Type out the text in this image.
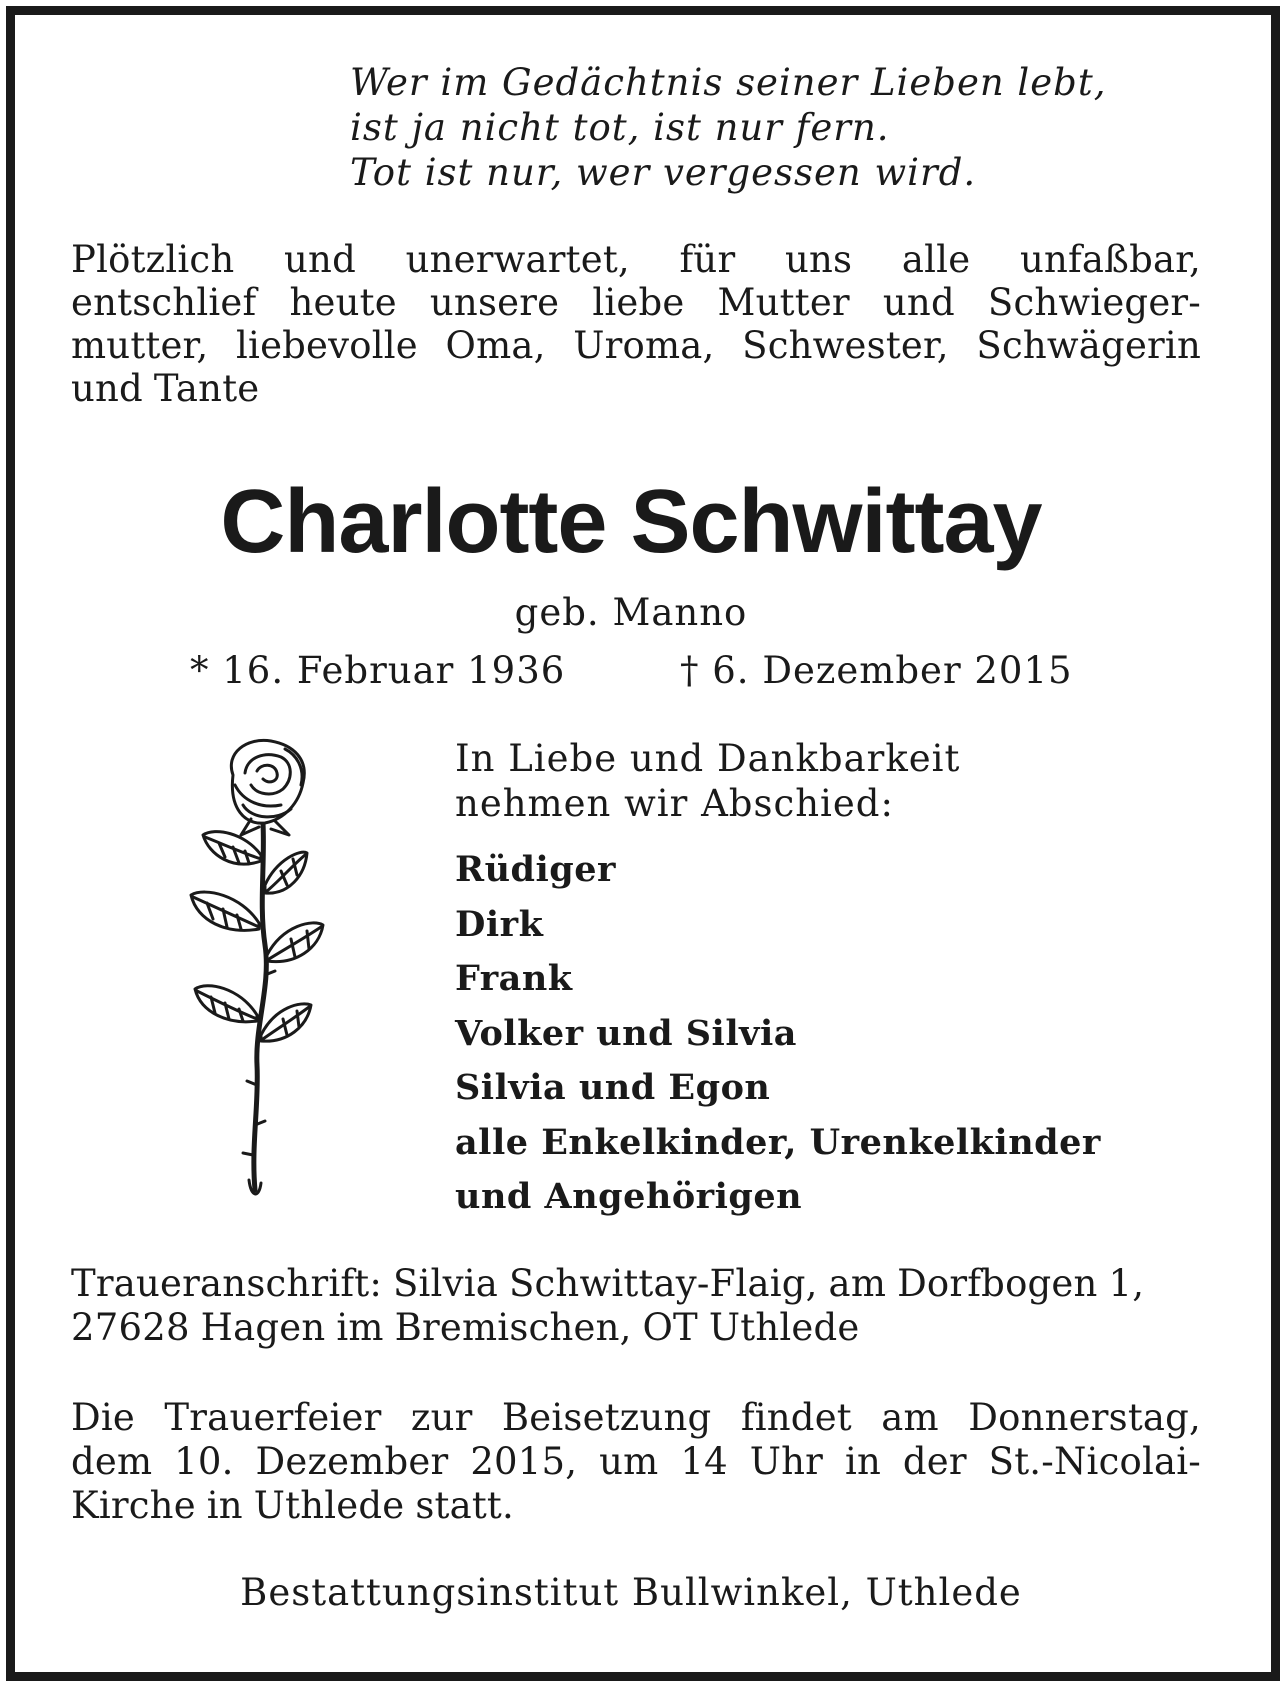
Wer im Gedächtnis seiner Lieben lebt,
ist ja nicht tot, ist nur fern.
Tot ist nur, wer vergessen wird.
Plötzlich und unerwartet, für uns alle unfaßbar,
entschlief heute unsere liebe Mutter und Schwieger-
mutter, liebevolle Oma, Uroma, Schwester, Schwägerin
und Tante
Charlotte Schwittay
geb. Manno
* 16. Februar 1936	† 6. Dezember 2015
In Liebe und Dankbarkeit
nehmen wir Abschied:
Rüdiger
Dirk
Frank
Volker und Silvia
Silvia und Egon
alle Enkelkinder, Urenkelkinder
und Angehörigen
Traueranschrift: Silvia Schwittay-Flaig, am Dorfbogen 1,
27628 Hagen im Bremischen, OT Uthlede
Die Trauerfeier zur Beisetzung findet am Donnerstag,
dem 10. Dezember 2015, um 14 Uhr in der St.-Nicolai-
Kirche in Uthlede statt.
Bestattungsinstitut Bullwinkel, Uthlede
